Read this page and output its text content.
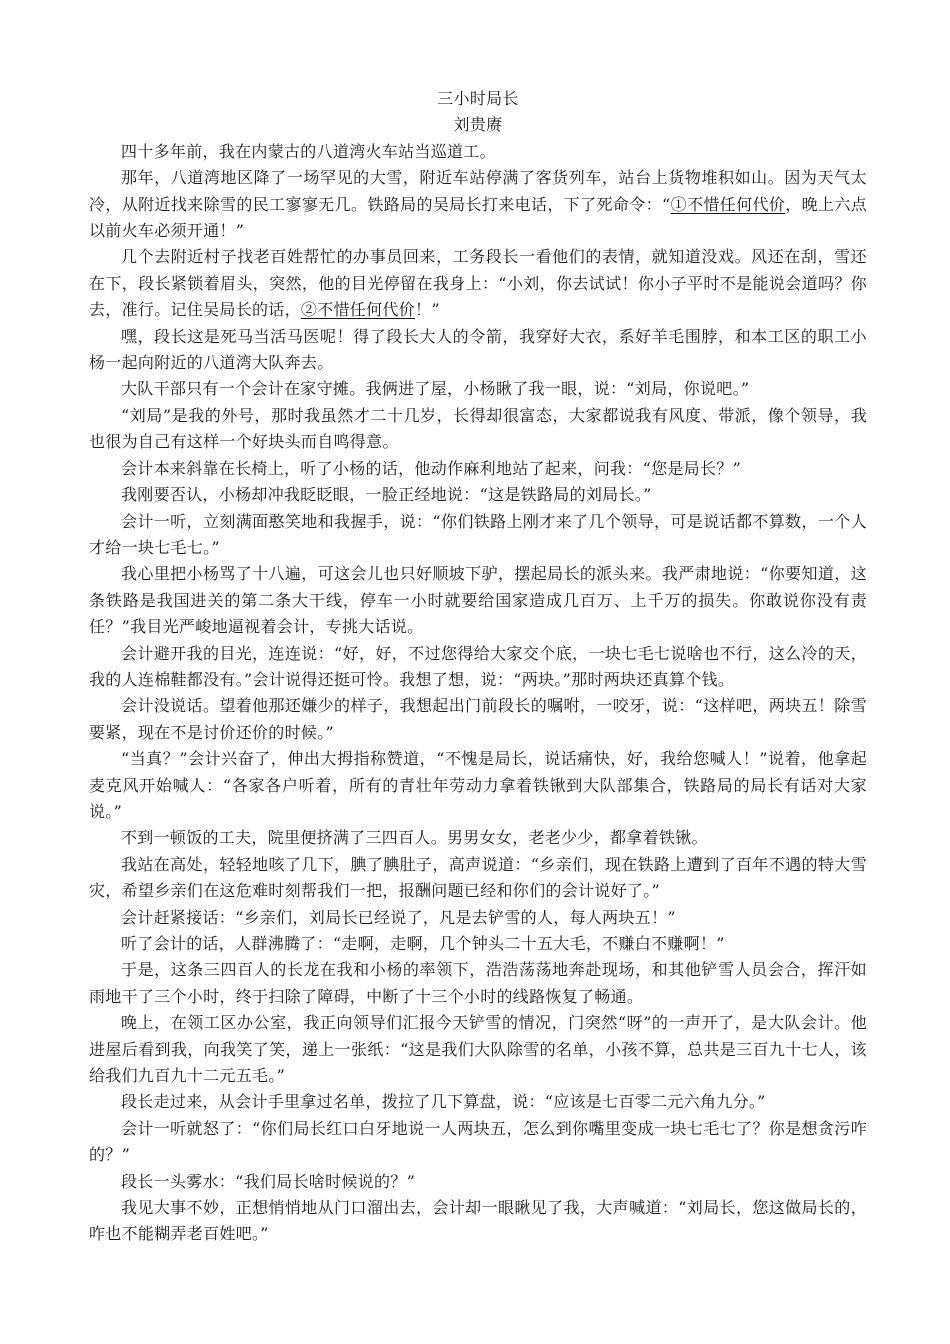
三小时局长

刘贵赓

四十多年前，我在内蒙古的八道湾火车站当巡道工。

那年，八道湾地区降了一场罕见的大雪，附近车站停满了客货列车，站台上货物堆积如山。因为天气太冷，从附近找来除雪的民工寥寥无几。铁路局的吴局长打来电话，下了死命令：“①不惜任何代价，晚上六点以前火车必须开通！”

几个去附近村子找老百姓帮忙的办事员回来，工务段长一看他们的表情，就知道没戏。风还在刮，雪还在下，段长紧锁着眉头，突然，他的目光停留在我身上：“小刘，你去试试！你小子平时不是能说会道吗？你去，准行。记住吴局长的话，②不惜任何代价！”

嘿，段长这是死马当活马医呢！得了段长大人的令箭，我穿好大衣，系好羊毛围脖，和本工区的职工小杨一起向附近的八道湾大队奔去。

大队干部只有一个会计在家守摊。我俩进了屋，小杨瞅了我一眼，说：“刘局，你说吧。”

“刘局”是我的外号，那时我虽然才二十几岁，长得却很富态，大家都说我有风度、带派，像个领导，我也很为自己有这样一个好块头而自鸣得意。

会计本来斜靠在长椅上，听了小杨的话，他动作麻利地站了起来，问我：“您是局长？”

我刚要否认，小杨却冲我眨眨眼，一脸正经地说：“这是铁路局的刘局长。”

会计一听，立刻满面憨笑地和我握手，说：“你们铁路上刚才来了几个领导，可是说话都不算数，一个人才给一块七毛七。”

我心里把小杨骂了十八遍，可这会儿也只好顺坡下驴，摆起局长的派头来。我严肃地说：“你要知道，这条铁路是我国进关的第二条大干线，停车一小时就要给国家造成几百万、上千万的损失。你敢说你没有责任？”我目光严峻地逼视着会计，专挑大话说。

会计避开我的目光，连连说：“好，好，不过您得给大家交个底，一块七毛七说啥也不行，这么冷的天，我的人连棉鞋都没有。”会计说得还挺可怜。我想了想，说：“两块。”那时两块还真算个钱。

会计没说话。望着他那还嫌少的样子，我想起出门前段长的嘱咐，一咬牙，说：“这样吧，两块五！除雪要紧，现在不是讨价还价的时候。”

“当真？”会计兴奋了，伸出大拇指称赞道，“不愧是局长，说话痛快，好，我给您喊人！”说着，他拿起麦克风开始喊人：“各家各户听着，所有的青壮年劳动力拿着铁锹到大队部集合，铁路局的局长有话对大家说。”

不到一顿饭的工夫，院里便挤满了三四百人。男男女女，老老少少，都拿着铁锹。

我站在高处，轻轻地咳了几下，腆了腆肚子，高声说道：“乡亲们，现在铁路上遭到了百年不遇的特大雪灾，希望乡亲们在这危难时刻帮我们一把，报酬问题已经和你们的会计说好了。”

会计赶紧接话：“乡亲们，刘局长已经说了，凡是去铲雪的人，每人两块五！”

听了会计的话，人群沸腾了：“走啊，走啊，几个钟头二十五大毛，不赚白不赚啊！”

于是，这条三四百人的长龙在我和小杨的率领下，浩浩荡荡地奔赴现场，和其他铲雪人员会合，挥汗如雨地干了三个小时，终于扫除了障碍，中断了十三个小时的线路恢复了畅通。

晚上，在领工区办公室，我正向领导们汇报今天铲雪的情况，门突然“呀”的一声开了，是大队会计。他进屋后看到我，向我笑了笑，递上一张纸：“这是我们大队除雪的名单，小孩不算，总共是三百九十七人，该给我们九百九十二元五毛。”

段长走过来，从会计手里拿过名单，拨拉了几下算盘，说：“应该是七百零二元六角九分。”

会计一听就怒了：“你们局长红口白牙地说一人两块五，怎么到你嘴里变成一块七毛七了？你是想贪污咋的？”

段长一头雾水：“我们局长啥时候说的？”

我见大事不妙，正想悄悄地从门口溜出去，会计却一眼瞅见了我，大声喊道：“刘局长，您这做局长的，咋也不能糊弄老百姓吧。”
